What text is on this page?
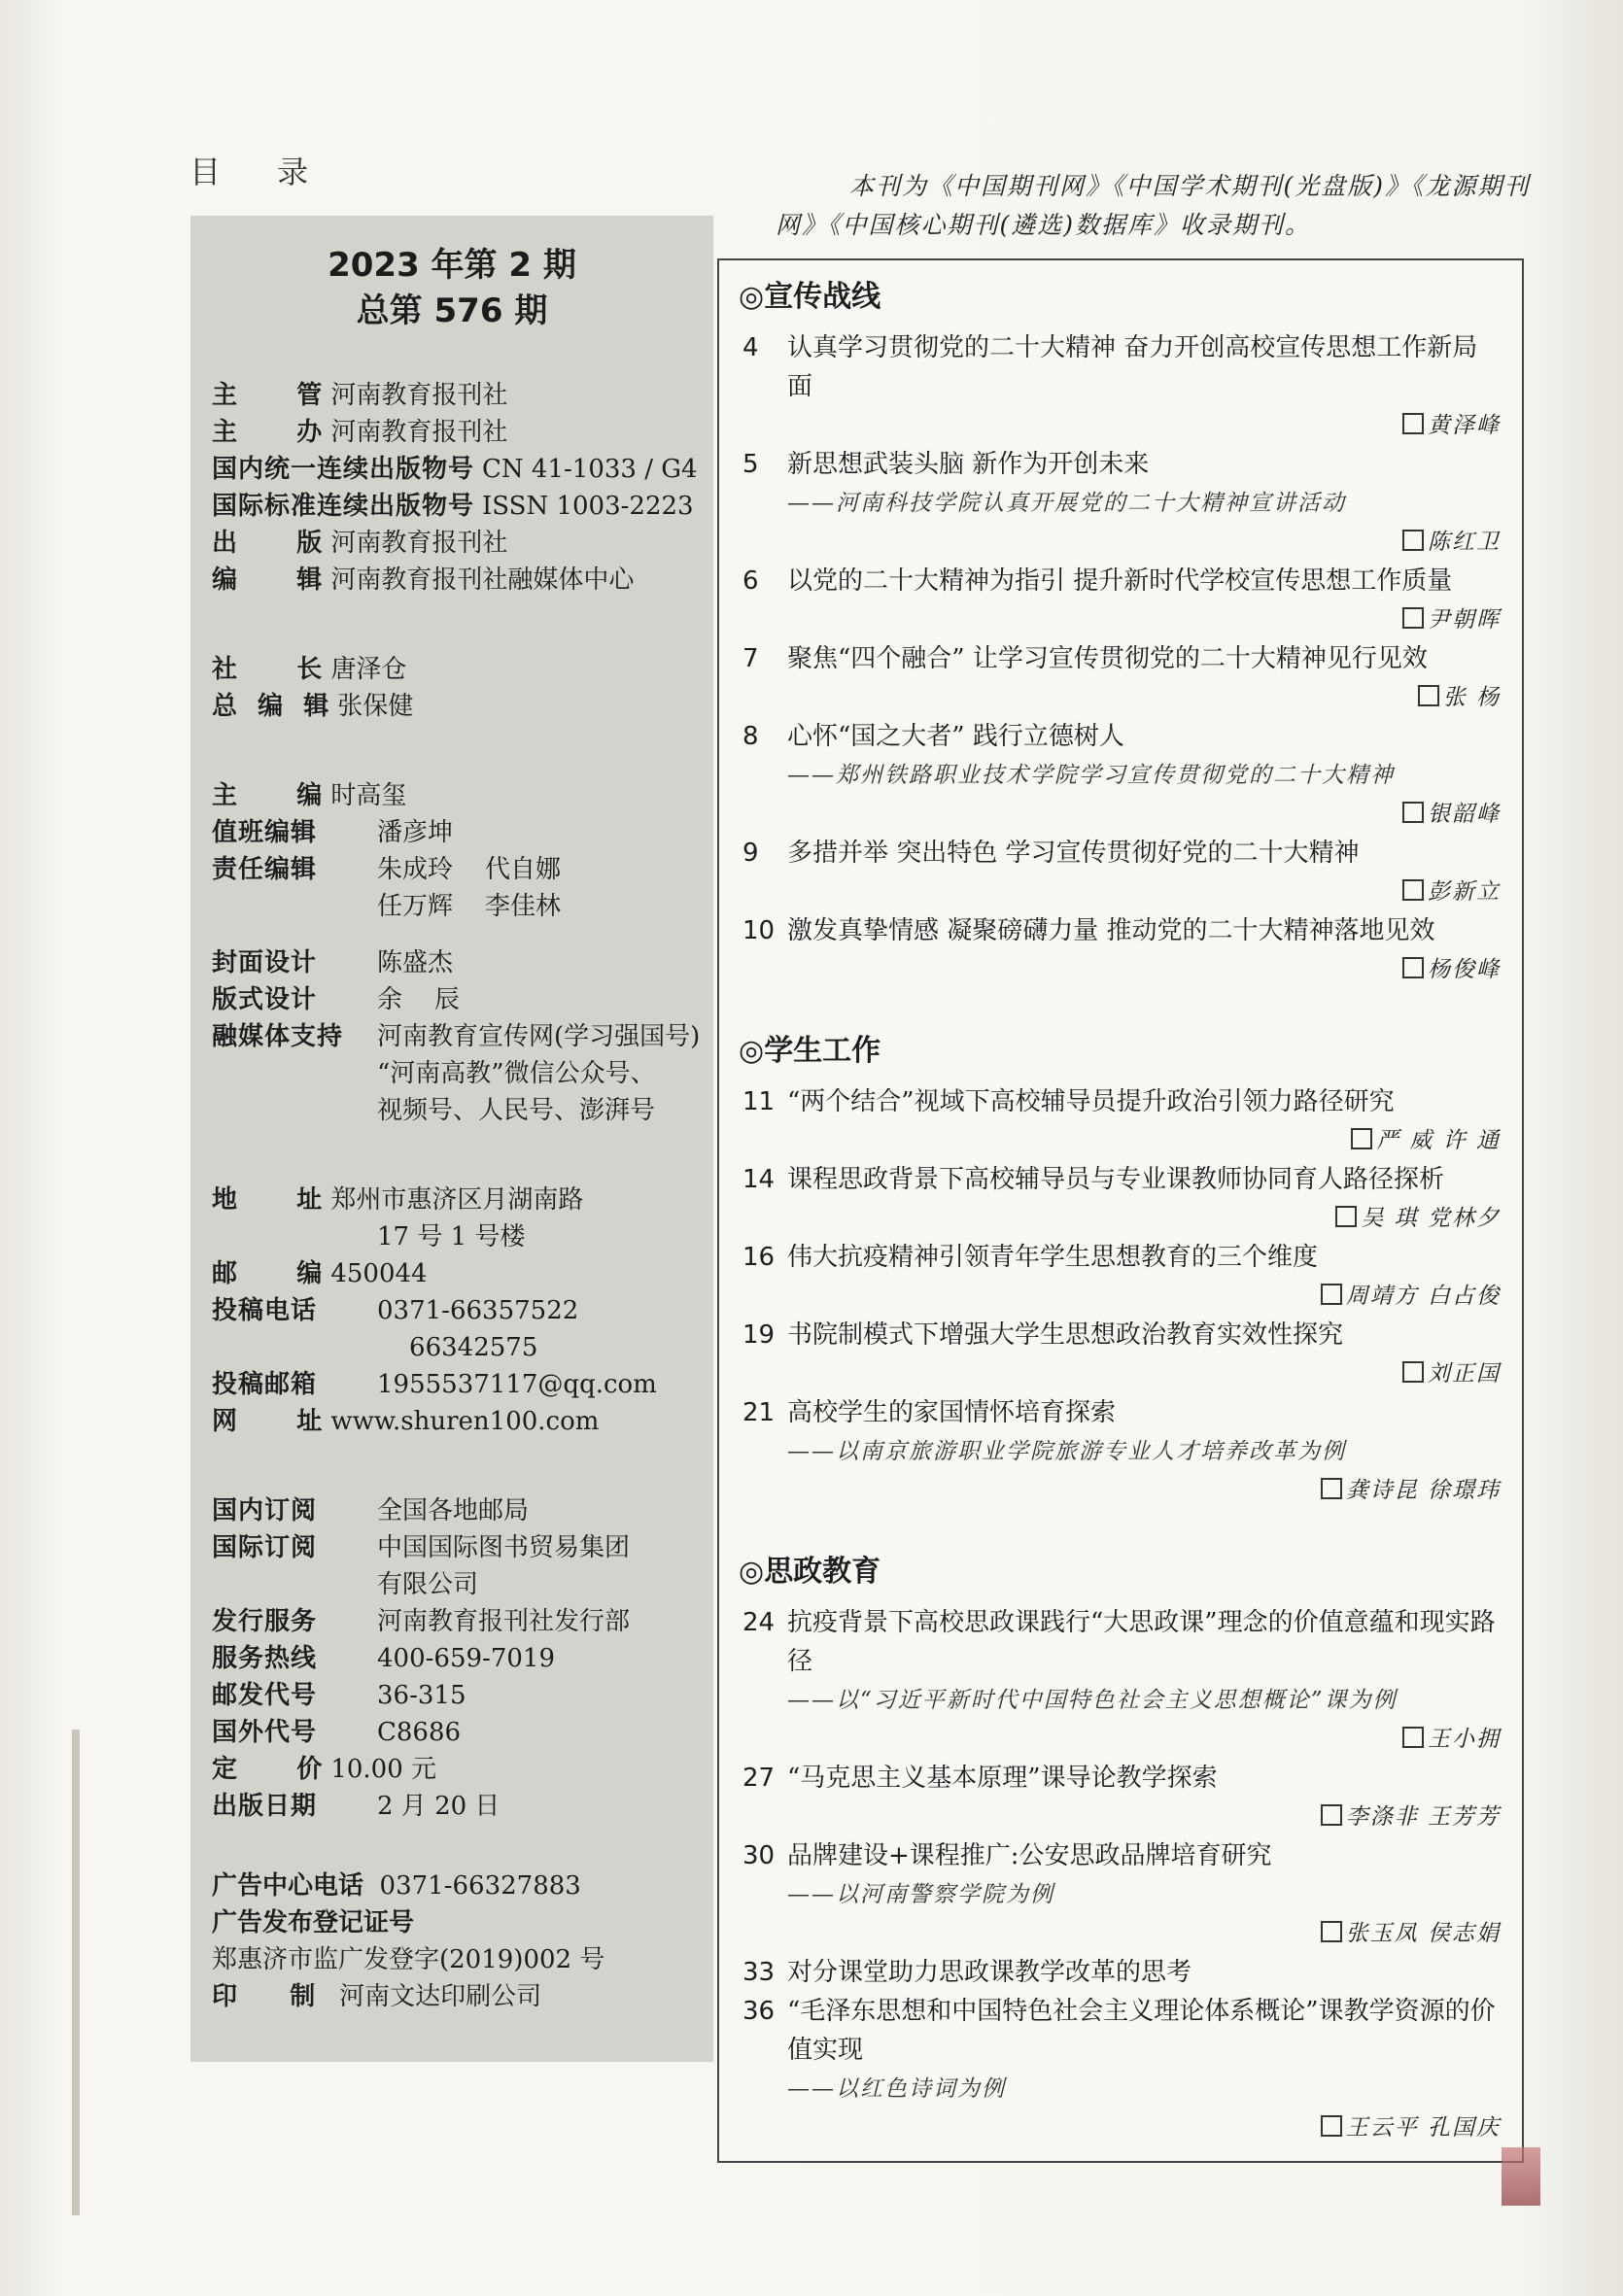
目 录
2023 年第 2 期
总第 576 期
主      管 河南教育报刊社
主      办 河南教育报刊社
国内统一连续出版物号 CN 41-1033 / G4
国际标准连续出版物号 ISSN 1003-2223
出      版 河南教育报刊社
编      辑 河南教育报刊社融媒体中心
社      长 唐泽仓
总  编  辑 张保健
主      编 时高玺
值班编辑	潘彦坤
责任编辑	朱成玲    代自娜
任万辉    李佳林
封面设计	陈盛杰
版式设计	余    辰
融媒体支持	河南教育宣传网(学习强国号)
“河南高教”微信公众号、
视频号、人民号、澎湃号
地      址 郑州市惠济区月湖南路
17 号 1 号楼
邮      编 450044
投稿电话	0371-66357522
66342575
投稿邮箱	1955537117@qq.com
网      址 www.shuren100.com
国内订阅	全国各地邮局
国际订阅	中国国际图书贸易集团
有限公司
发行服务	河南教育报刊社发行部
服务热线	400-659-7019
邮发代号	36-315
国外代号	C8686
定      价 10.00 元
出版日期	2 月 20 日
广告中心电话 0371-66327883
广告发布登记证号
郑惠济市监广发登字(2019)002 号
印      制 河南文达印刷公司
本刊为《中国期刊网》《中国学术期刊(光盘版)》《龙源期刊网》《中国核心期刊(遴选)数据库》收录期刊。
◎宣传战线
4	认真学习贯彻党的二十大精神 奋力开创高校宣传思想工作新局面
黄泽峰
5	新思想武装头脑 新作为开创未来
——河南科技学院认真开展党的二十大精神宣讲活动
陈红卫
6	以党的二十大精神为指引 提升新时代学校宣传思想工作质量
尹朝晖
7	聚焦“四个融合” 让学习宣传贯彻党的二十大精神见行见效
张 杨
8	心怀“国之大者” 践行立德树人
——郑州铁路职业技术学院学习宣传贯彻党的二十大精神
银韶峰
9	多措并举 突出特色 学习宣传贯彻好党的二十大精神
彭新立
10 激发真挚情感 凝聚磅礴力量 推动党的二十大精神落地见效
杨俊峰
◎学生工作
11 “两个结合”视域下高校辅导员提升政治引领力路径研究
严 威 许 通
14 课程思政背景下高校辅导员与专业课教师协同育人路径探析
吴 琪 党林夕
16 伟大抗疫精神引领青年学生思想教育的三个维度
周靖方 白占俊
19 书院制模式下增强大学生思想政治教育实效性探究
刘正国
21 高校学生的家国情怀培育探索
——以南京旅游职业学院旅游专业人才培养改革为例
龚诗昆 徐璟玮
◎思政教育
24 抗疫背景下高校思政课践行“大思政课”理念的价值意蕴和现实路径
——以“习近平新时代中国特色社会主义思想概论”课为例
王小拥
27 “马克思主义基本原理”课导论教学探索
李涤非 王芳芳
30 品牌建设+课程推广:公安思政品牌培育研究
——以河南警察学院为例
张玉凤 侯志娟
33 对分课堂助力思政课教学改革的思考
36 “毛泽东思想和中国特色社会主义理论体系概论”课教学资源的价值实现
——以红色诗词为例
王云平 孔国庆
